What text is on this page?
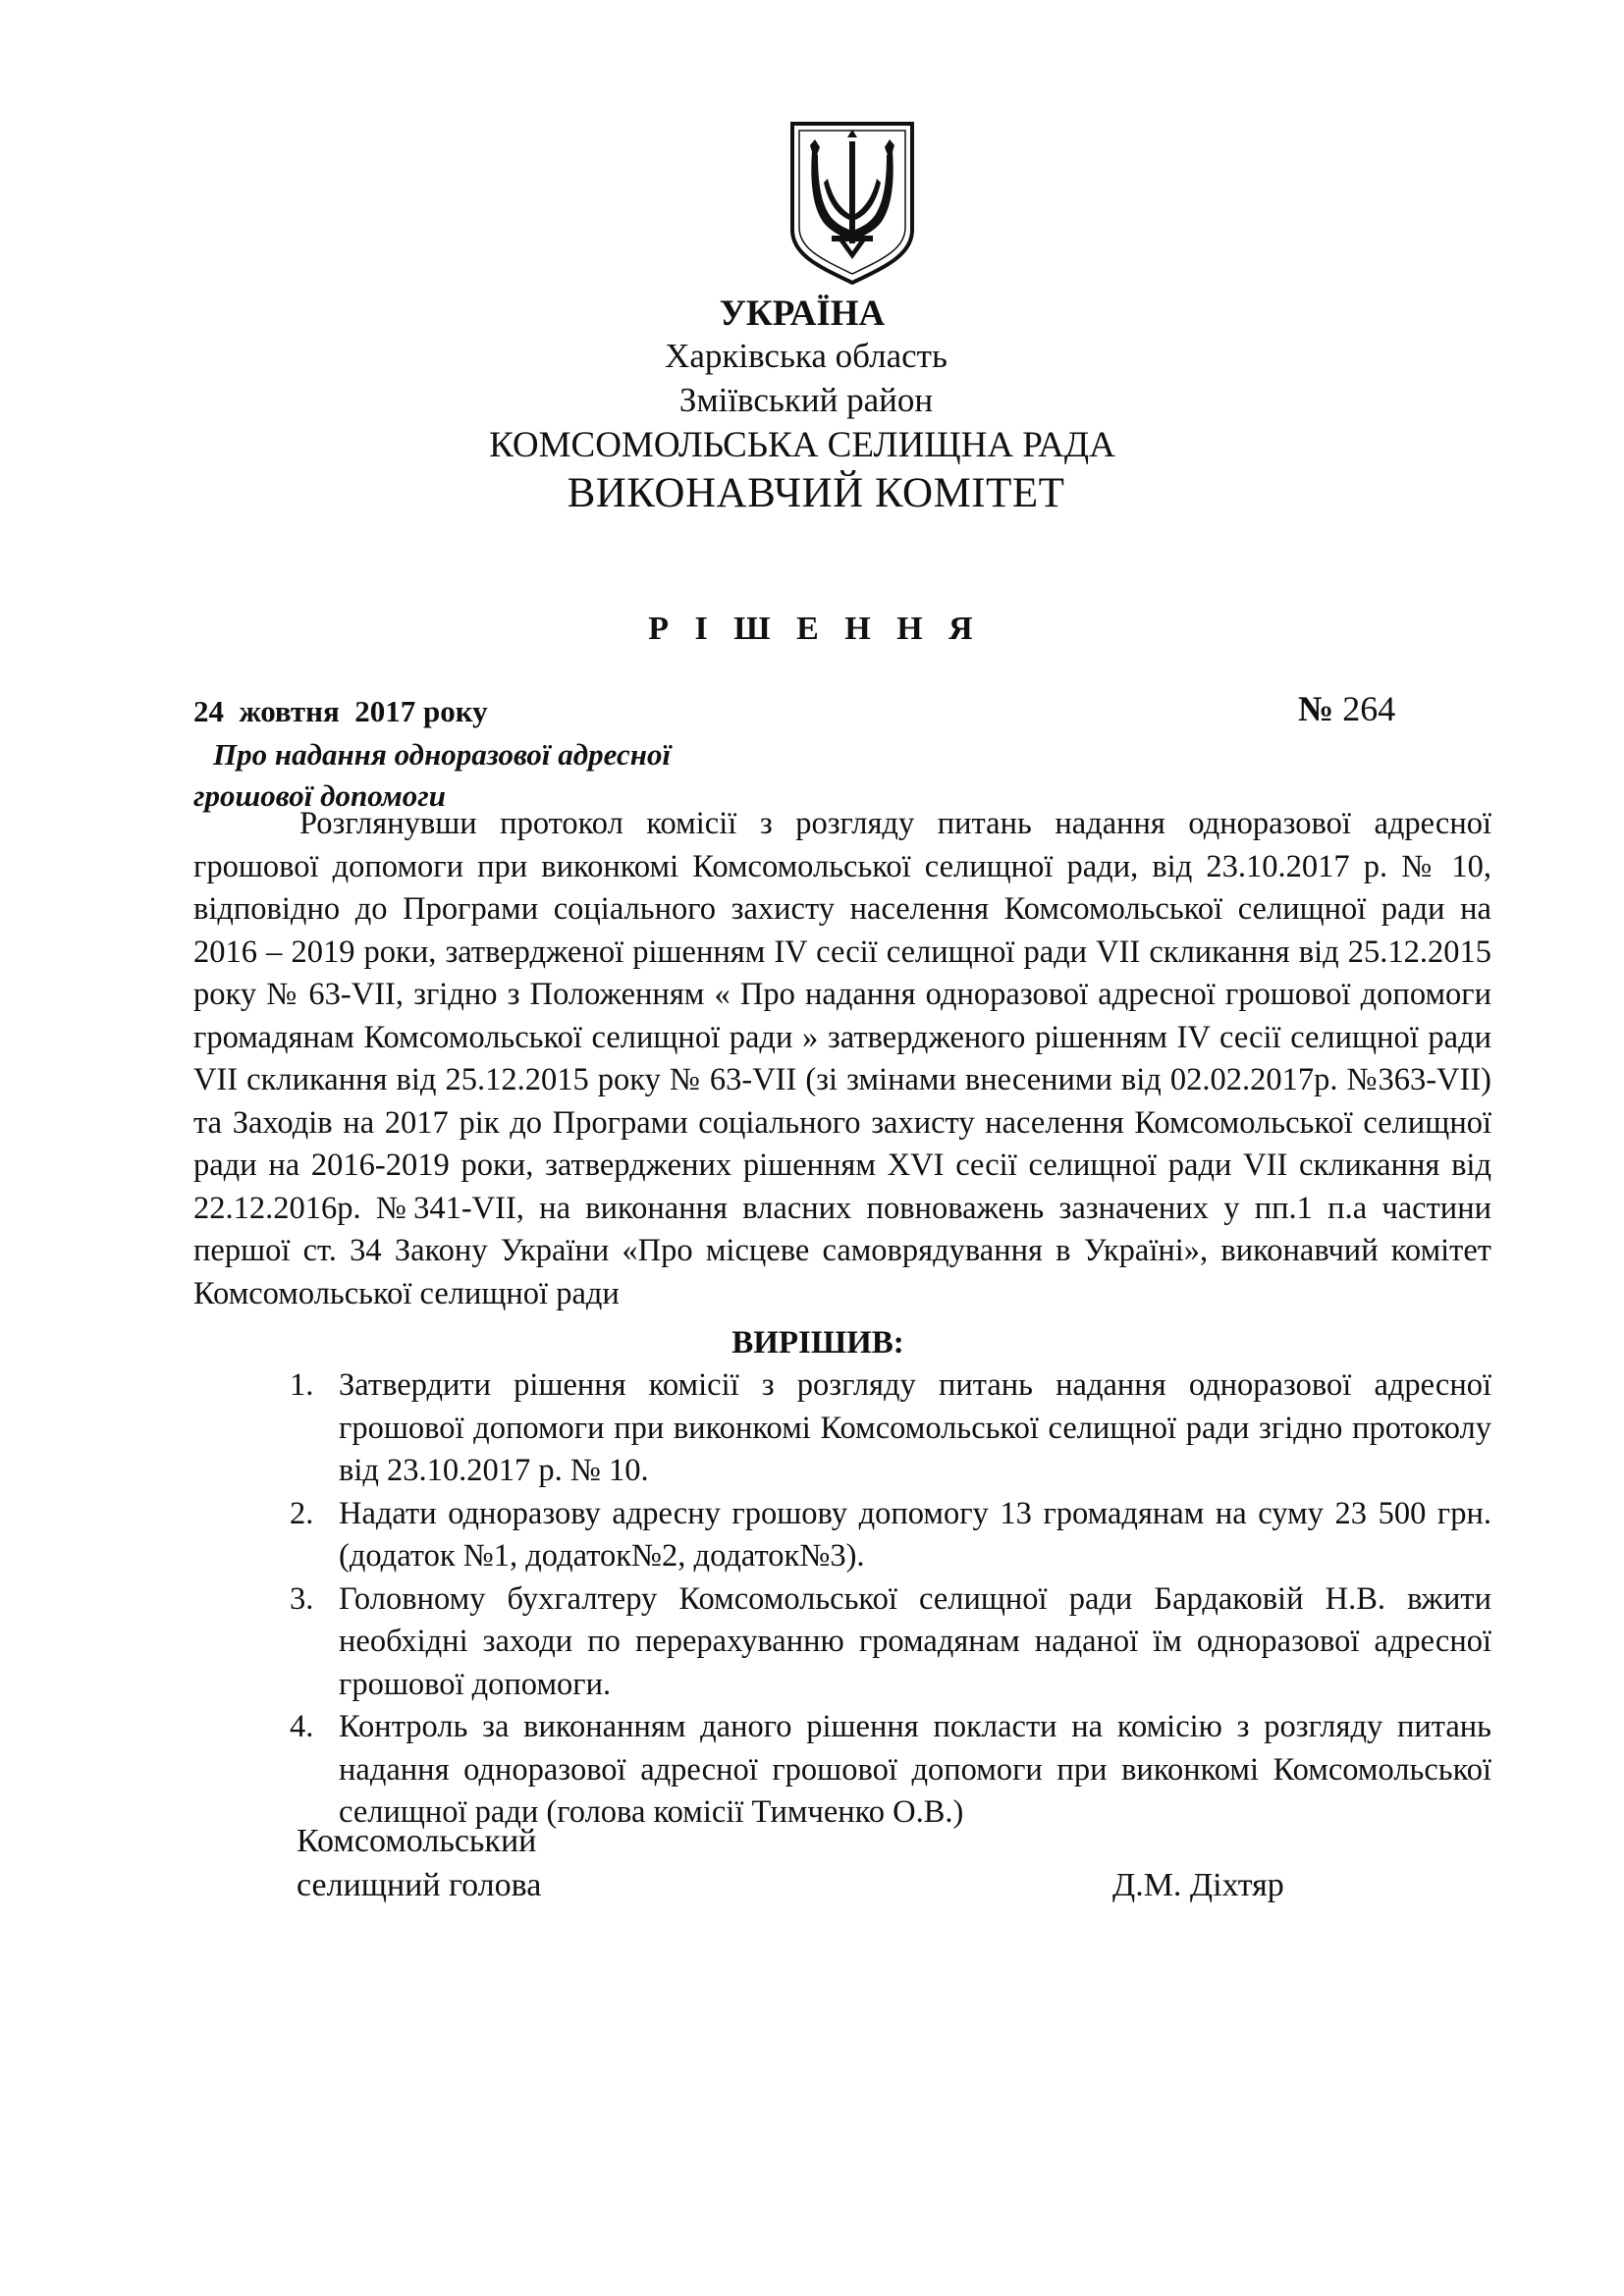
УКРАЇНА
Харківська область
Зміївський район
КОМСОМОЛЬСЬКА СЕЛИЩНА РАДА
ВИКОНАВЧИЙ КОМІТЕТ
Р І Ш Е Н Н Я
24  жовтня  2017 року	№ 264
Про надання одноразової адресної
грошової допомоги

Розглянувши протокол комісії з розгляду питань надання одноразової адресної грошової допомоги при виконкомі Комсомольської селищної ради, від 23.10.2017 р. № 10, відповідно до Програми соціального захисту населення Комсомольської селищної ради на 2016 – 2019 роки, затвердженої рішенням IV сесії селищної ради VII скликання від 25.12.2015 року № 63-VII, згідно з Положенням « Про надання одноразової адресної грошової допомоги громадянам Комсомольської селищної ради » затвердженого рішенням IV сесії селищної ради VII скликання від 25.12.2015 року № 63-VII (зі змінами внесеними від 02.02.2017р. №363-VII) та Заходів на 2017 рік до Програми соціального захисту населення Комсомольської селищної ради на 2016-2019 роки, затверджених рішенням XVI сесії селищної ради VII скликання від 22.12.2016р. №341-VII, на виконання власних повноважень зазначених у пп.1 п.а частини першої ст. 34 Закону України «Про місцеве самоврядування в Україні», виконавчий комітет Комсомольської селищної ради

ВИРІШИВ:
1. Затвердити рішення комісії з розгляду питань надання одноразової адресної грошової допомоги при виконкомі Комсомольської селищної ради згідно протоколу від 23.10.2017 р. № 10.
2. Надати одноразову адресну грошову допомогу 13 громадянам на суму 23 500 грн. (додаток №1, додаток№2, додаток№3).
3. Головному бухгалтеру Комсомольської селищної ради Бардаковій Н.В. вжити необхідні заходи по перерахуванню громадянам наданої їм одноразової адресної грошової допомоги.
4. Контроль за виконанням даного рішення покласти на комісію з розгляду питань надання одноразової адресної грошової допомоги при виконкомі Комсомольської селищної ради (голова комісії Тимченко О.В.)
Комсомольський
селищний голова	Д.М. Діхтяр
